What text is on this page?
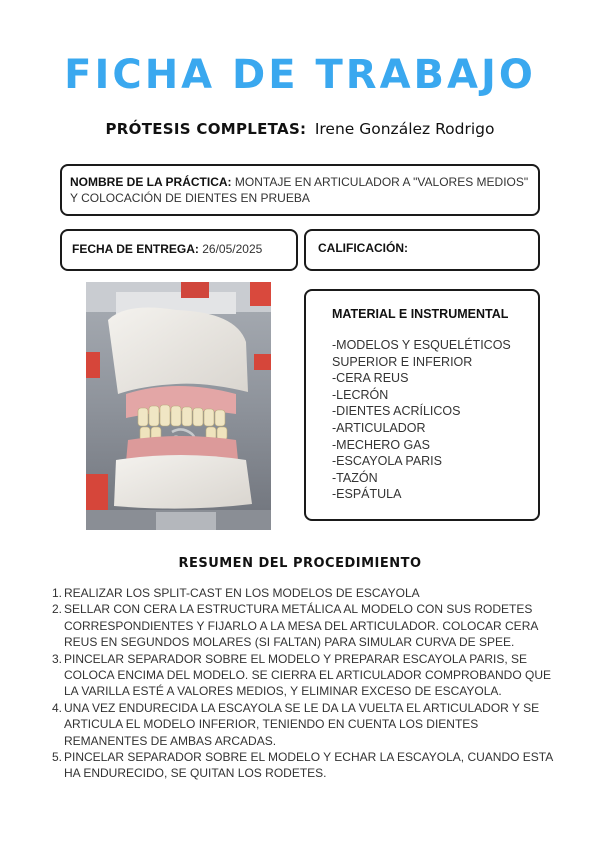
FICHA DE TRABAJO
PRÓTESIS COMPLETAS: Irene González Rodrigo
NOMBRE DE LA PRÁCTICA: MONTAJE EN ARTICULADOR A "VALORES MEDIOS" Y COLOCACIÓN DE DIENTES EN PRUEBA
FECHA DE ENTREGA: 26/05/2025	CALIFICACIÓN:
MATERIAL E INSTRUMENTAL
-MODELOS Y ESQUELÉTICOS SUPERIOR E INFERIOR
-CERA REUS
-LECRÓN
-DIENTES ACRÍLICOS
-ARTICULADOR
-MECHERO GAS
-ESCAYOLA PARIS
-TAZÓN
-ESPÁTULA
RESUMEN DEL PROCEDIMIENTO
1. REALIZAR LOS SPLIT-CAST EN LOS MODELOS DE ESCAYOLA
2. SELLAR CON CERA LA ESTRUCTURA METÁLICA AL MODELO CON SUS RODETES CORRESPONDIENTES Y FIJARLO A LA MESA DEL ARTICULADOR. COLOCAR CERA REUS EN SEGUNDOS MOLARES (SI FALTAN) PARA SIMULAR CURVA DE SPEE.
3. PINCELAR SEPARADOR SOBRE EL MODELO Y PREPARAR ESCAYOLA PARIS, SE COLOCA ENCIMA DEL MODELO. SE CIERRA EL ARTICULADOR COMPROBANDO QUE LA VARILLA ESTÉ A VALORES MEDIOS, Y ELIMINAR EXCESO DE ESCAYOLA.
4. UNA VEZ ENDURECIDA LA ESCAYOLA SE LE DA LA VUELTA EL ARTICULADOR Y SE ARTICULA EL MODELO INFERIOR, TENIENDO EN CUENTA LOS DIENTES REMANENTES DE AMBAS ARCADAS.
5. PINCELAR SEPARADOR SOBRE EL MODELO Y ECHAR LA ESCAYOLA, CUANDO ESTA HA ENDURECIDO, SE QUITAN LOS RODETES.
